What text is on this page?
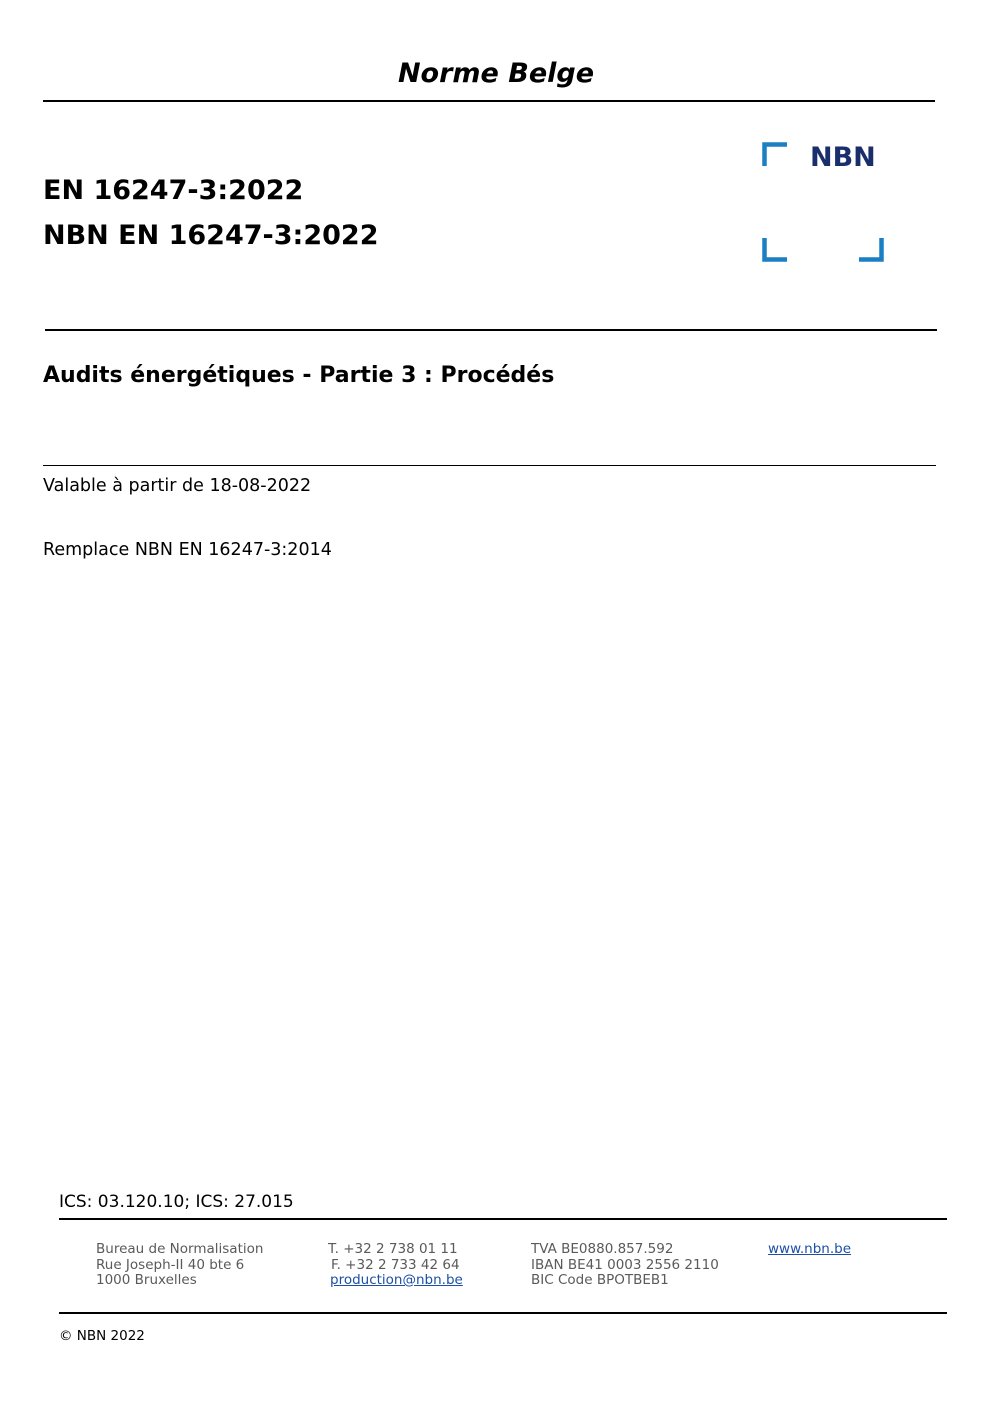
Norme Belge
EN 16247-3:2022
NBN EN 16247-3:2022
NBN
Audits énergétiques - Partie 3 : Procédés
Valable à partir de 18-08-2022
Remplace NBN EN 16247-3:2014
ICS: 03.120.10; ICS: 27.015
Bureau de Normalisation
Rue Joseph-II 40 bte 6
1000 Bruxelles
T. +32 2 738 01 11
F. +32 2 733 42 64
production@nbn.be
TVA BE0880.857.592
IBAN BE41 0003 2556 2110
BIC Code BPOTBEB1
www.nbn.be
© NBN 2022
